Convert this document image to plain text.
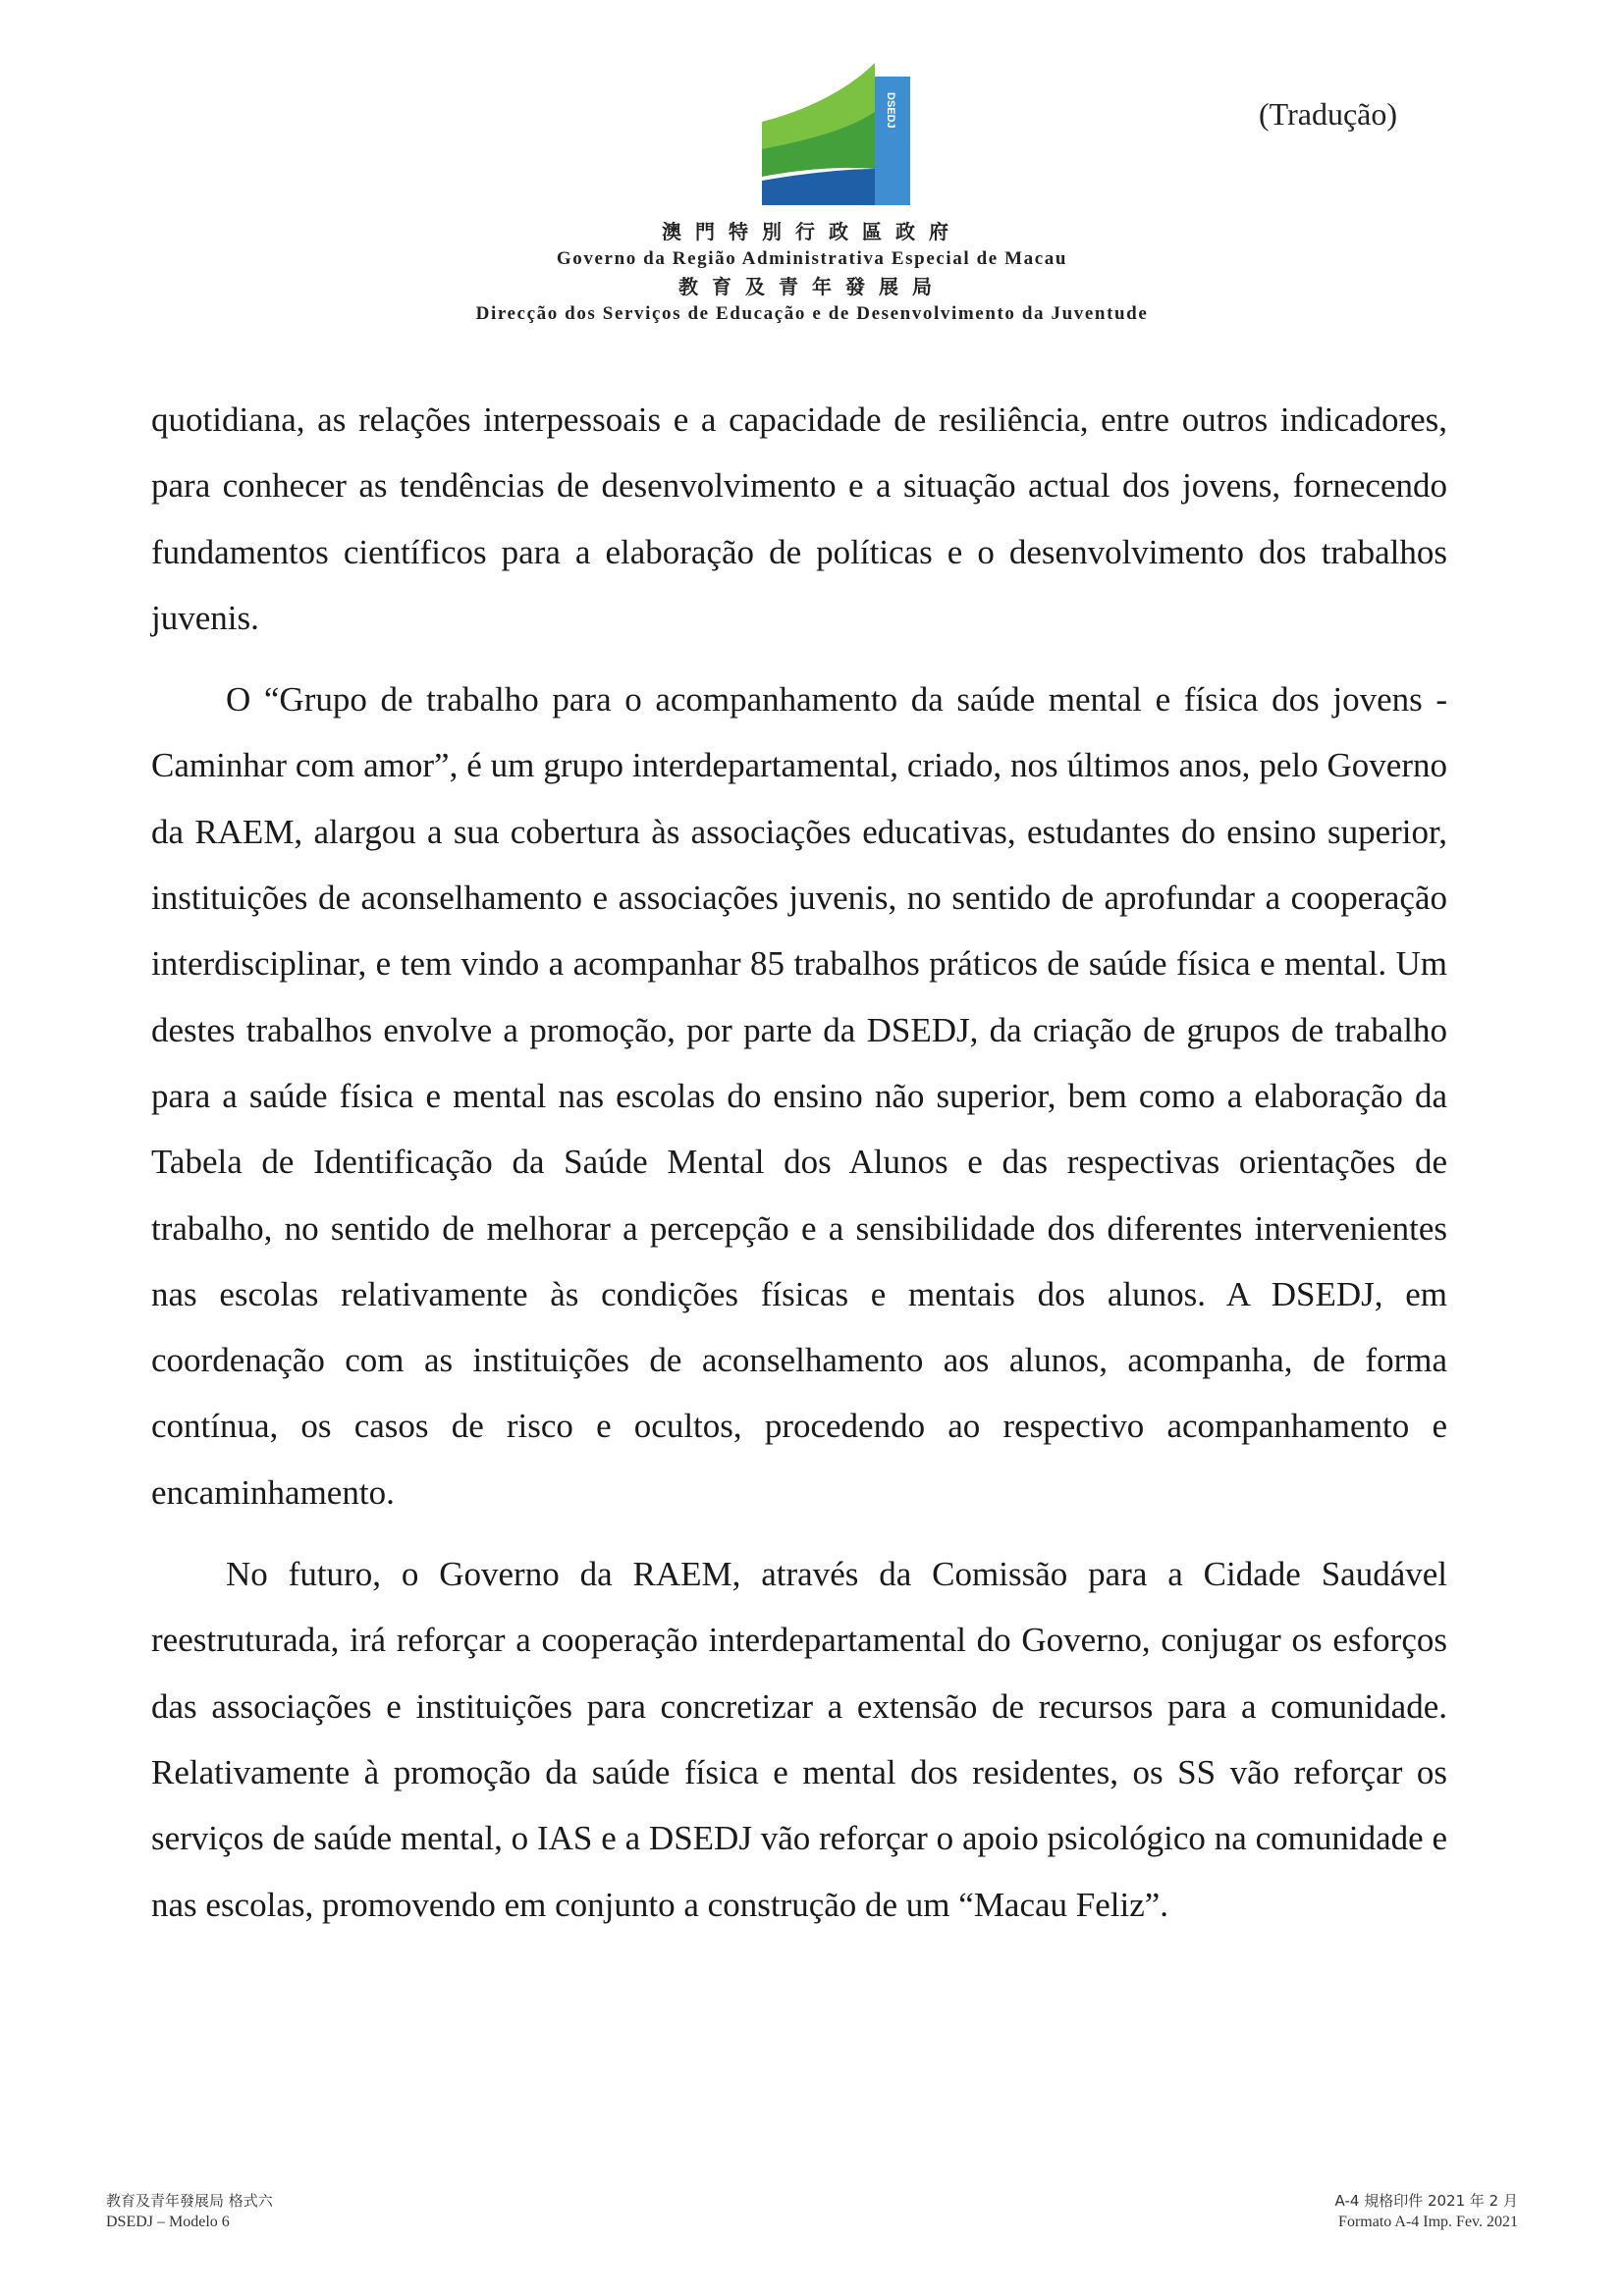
(Tradução)
DSEDJ
澳門特別行政區政府
Governo da Região Administrativa Especial de Macau
教育及青年發展局
Direcção dos Serviços de Educação e de Desenvolvimento da Juventude

quotidiana, as relações interpessoais e a capacidade de resiliência, entre outros indicadores, para conhecer as tendências de desenvolvimento e a situação actual dos jovens, fornecendo fundamentos científicos para a elaboração de políticas e o desenvolvimento dos trabalhos juvenis.

O “Grupo de trabalho para o acompanhamento da saúde mental e física dos jovens - Caminhar com amor”, é um grupo interdepartamental, criado, nos últimos anos, pelo Governo da RAEM, alargou a sua cobertura às associações educativas, estudantes do ensino superior, instituições de aconselhamento e associações juvenis, no sentido de aprofundar a cooperação interdisciplinar, e tem vindo a acompanhar 85 trabalhos práticos de saúde física e mental. Um destes trabalhos envolve a promoção, por parte da DSEDJ, da criação de grupos de trabalho para a saúde física e mental nas escolas do ensino não superior, bem como a elaboração da Tabela de Identificação da Saúde Mental dos Alunos e das respectivas orientações de trabalho, no sentido de melhorar a percepção e a sensibilidade dos diferentes intervenientes nas escolas relativamente às condições físicas e mentais dos alunos. A DSEDJ, em coordenação com as instituições de aconselhamento aos alunos, acompanha, de forma contínua, os casos de risco e ocultos, procedendo ao respectivo acompanhamento e encaminhamento.

No futuro, o Governo da RAEM, através da Comissão para a Cidade Saudável reestruturada, irá reforçar a cooperação interdepartamental do Governo, conjugar os esforços das associações e instituições para concretizar a extensão de recursos para a comunidade. Relativamente à promoção da saúde física e mental dos residentes, os SS vão reforçar os serviços de saúde mental, o IAS e a DSEDJ vão reforçar o apoio psicológico na comunidade e nas escolas, promovendo em conjunto a construção de um “Macau Feliz”.

教育及青年發展局 格式六
DSEDJ – Modelo 6
A-4 規格印件 2021 年 2 月
Formato A-4 Imp. Fev. 2021
